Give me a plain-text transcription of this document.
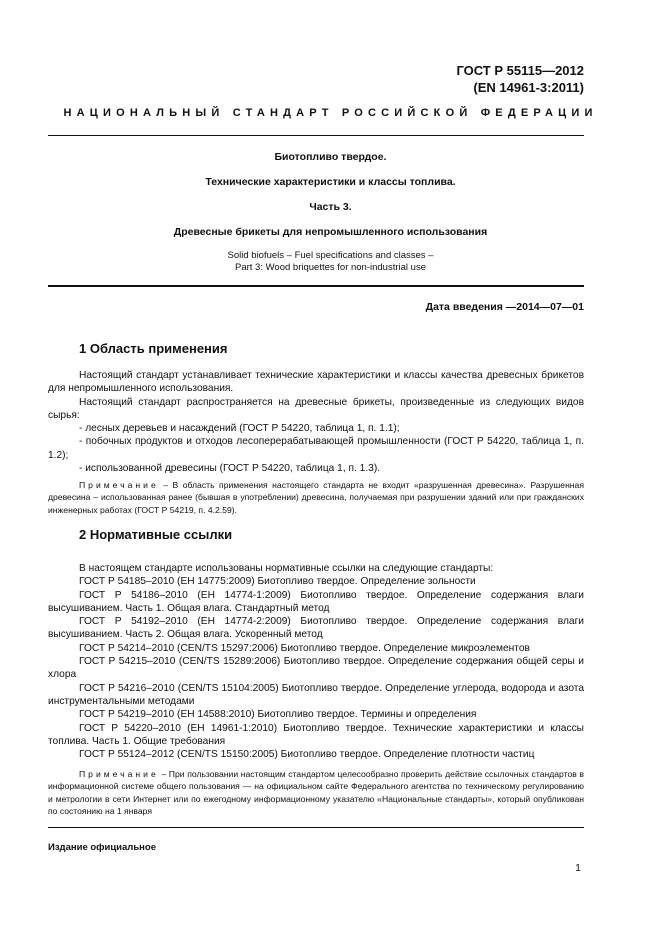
ГОСТ Р 55115—2012
(EN 14961-3:2011)
НАЦИОНАЛЬНЫЙ СТАНДАРТ РОССИЙСКОЙ ФЕДЕРАЦИИ
Биотопливо твердое.
Технические характеристики и классы топлива.
Часть 3.
Древесные брикеты для непромышленного использования
Solid biofuels – Fuel specifications and classes –
Part 3: Wood briquettes for non-industrial use
Дата введения —2014—07—01
1 Область применения

Настоящий стандарт устанавливает технические характеристики и классы качества древесных брикетов для непромышленного использования.

Настоящий стандарт распространяется на древесные брикеты, произведенные из следующих видов сырья:

- лесных деревьев и насаждений (ГОСТ Р 54220, таблица 1, п. 1.1);

- побочных продуктов и отходов лесоперерабатывающей промышленности (ГОСТ Р 54220, таблица 1, п. 1.2);

- использованной древесины (ГОСТ Р 54220, таблица 1, п. 1.3).

Примечание – В область применения настоящего стандарта не входит «разрушенная древесина». Разрушенная древесина – использованная ранее (бывшая в употреблении) древесина, получаемая при разрушении зданий или при гражданских инженерных работах (ГОСТ Р 54219, п. 4.2.59).

2 Нормативные ссылки

В настоящем стандарте использованы нормативные ссылки на следующие стандарты:

ГОСТ Р 54185–2010 (ЕН 14775:2009) Биотопливо твердое. Определение зольности

ГОСТ Р 54186–2010 (ЕН 14774-1:2009) Биотопливо твердое. Определение содержания влаги высушиванием. Часть 1. Общая влага. Стандартный метод

ГОСТ Р 54192–2010 (ЕН 14774-2:2009) Биотопливо твердое. Определение содержания влаги высушиванием. Часть 2. Общая влага. Ускоренный метод

ГОСТ Р 54214–2010 (CEN/TS 15297:2006) Биотопливо твердое. Определение микроэлементов

ГОСТ Р 54215–2010 (CEN/TS 15289:2006) Биотопливо твердое. Определение содержания общей серы и хлора

ГОСТ Р 54216–2010 (CEN/TS 15104:2005) Биотопливо твердое. Определение углерода, водорода и азота инструментальными методами

ГОСТ Р 54219–2010 (ЕН 14588:2010) Биотопливо твердое. Термины и определения

ГОСТ Р 54220–2010 (ЕН 14961-1:2010) Биотопливо твердое. Технические характеристики и классы топлива. Часть 1. Общие требования

ГОСТ Р 55124–2012 (CEN/TS 15150:2005) Биотопливо твердое. Определение плотности частиц

Примечание – При пользовании настоящим стандартом целесообразно проверить действие ссылочных стандартов в информационной системе общего пользования — на официальном сайте Федерального агентства по техническому регулированию и метрологии в сети Интернет или по ежегодному информационному указателю «Национальные стандарты», который опубликован по состоянию на 1 января

Издание официальное
1
